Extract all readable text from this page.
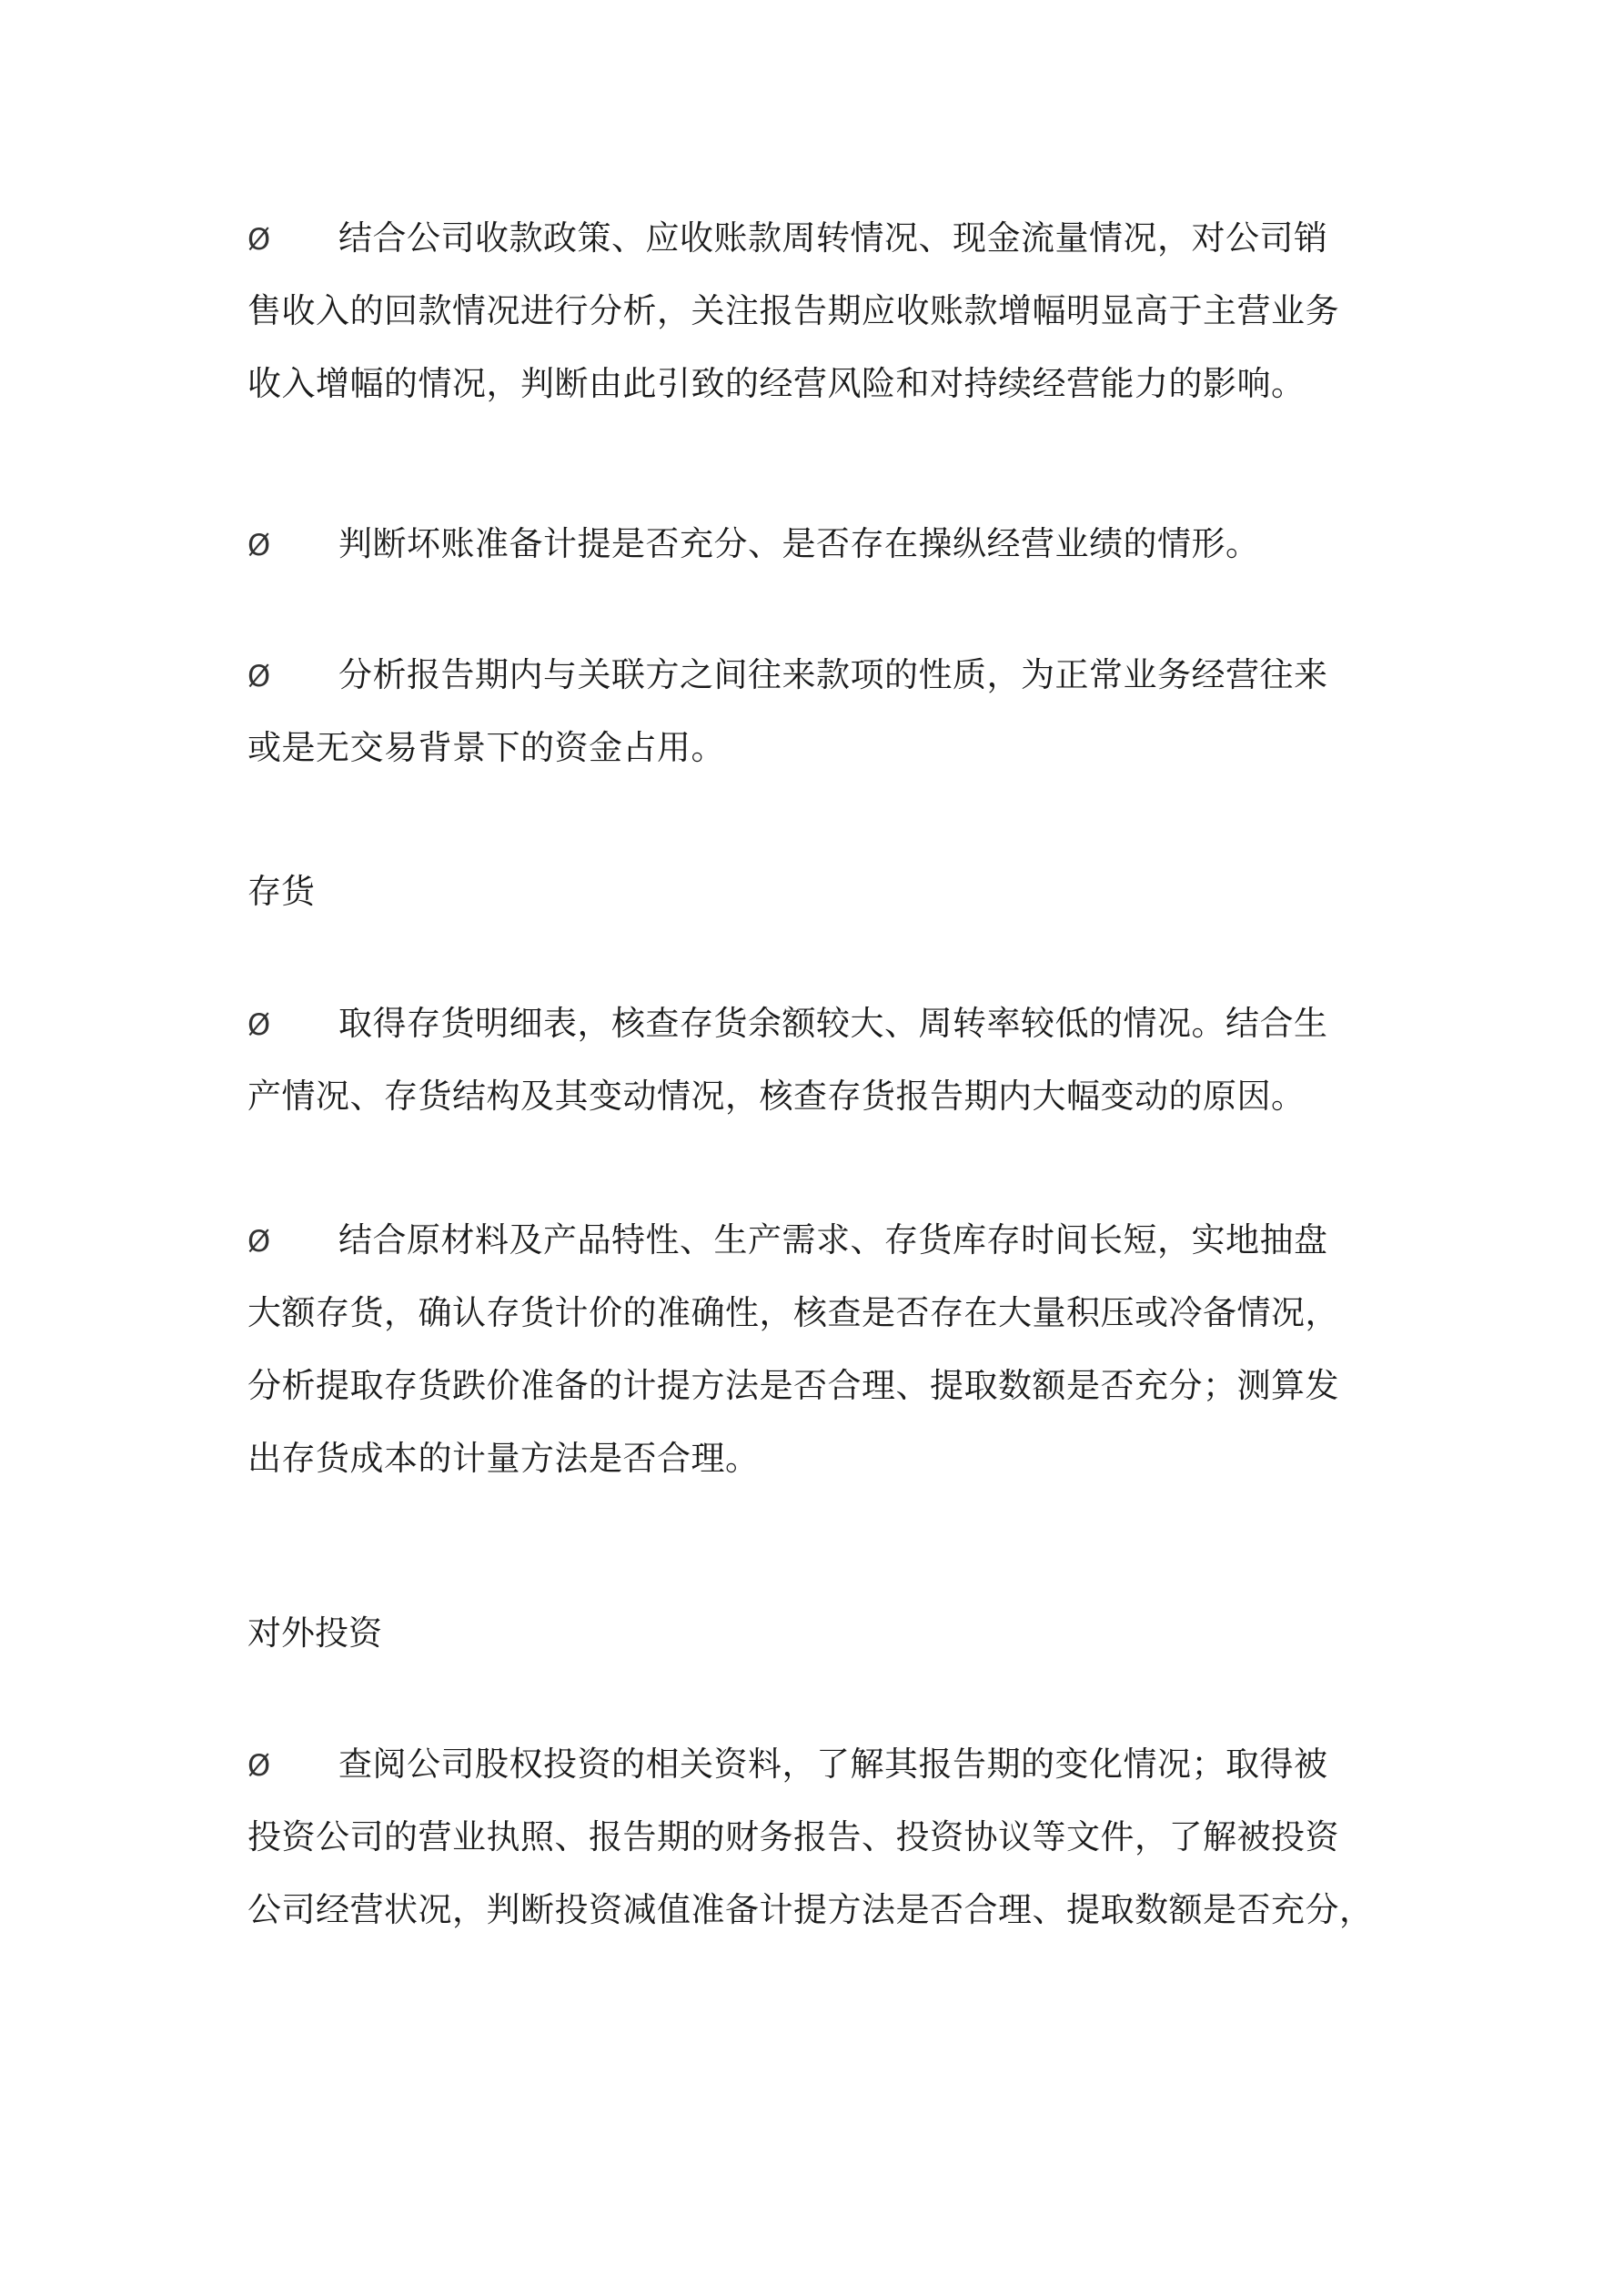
Ø 结合公司收款政策、应收账款周转情况、现金流量情况，对公司销
售收入的回款情况进行分析，关注报告期应收账款增幅明显高于主营业务
收入增幅的情况，判断由此引致的经营风险和对持续经营能力的影响。
Ø 判断坏账准备计提是否充分、是否存在操纵经营业绩的情形。
Ø 分析报告期内与关联方之间往来款项的性质，为正常业务经营往来
或是无交易背景下的资金占用。
存货
Ø 取得存货明细表，核查存货余额较大、周转率较低的情况。结合生
产情况、存货结构及其变动情况，核查存货报告期内大幅变动的原因。
Ø 结合原材料及产品特性、生产需求、存货库存时间长短，实地抽盘
大额存货，确认存货计价的准确性，核查是否存在大量积压或冷备情况，
分析提取存货跌价准备的计提方法是否合理、提取数额是否充分；测算发
出存货成本的计量方法是否合理。
对外投资
Ø 查阅公司股权投资的相关资料，了解其报告期的变化情况；取得被
投资公司的营业执照、报告期的财务报告、投资协议等文件，了解被投资
公司经营状况，判断投资减值准备计提方法是否合理、提取数额是否充分，
